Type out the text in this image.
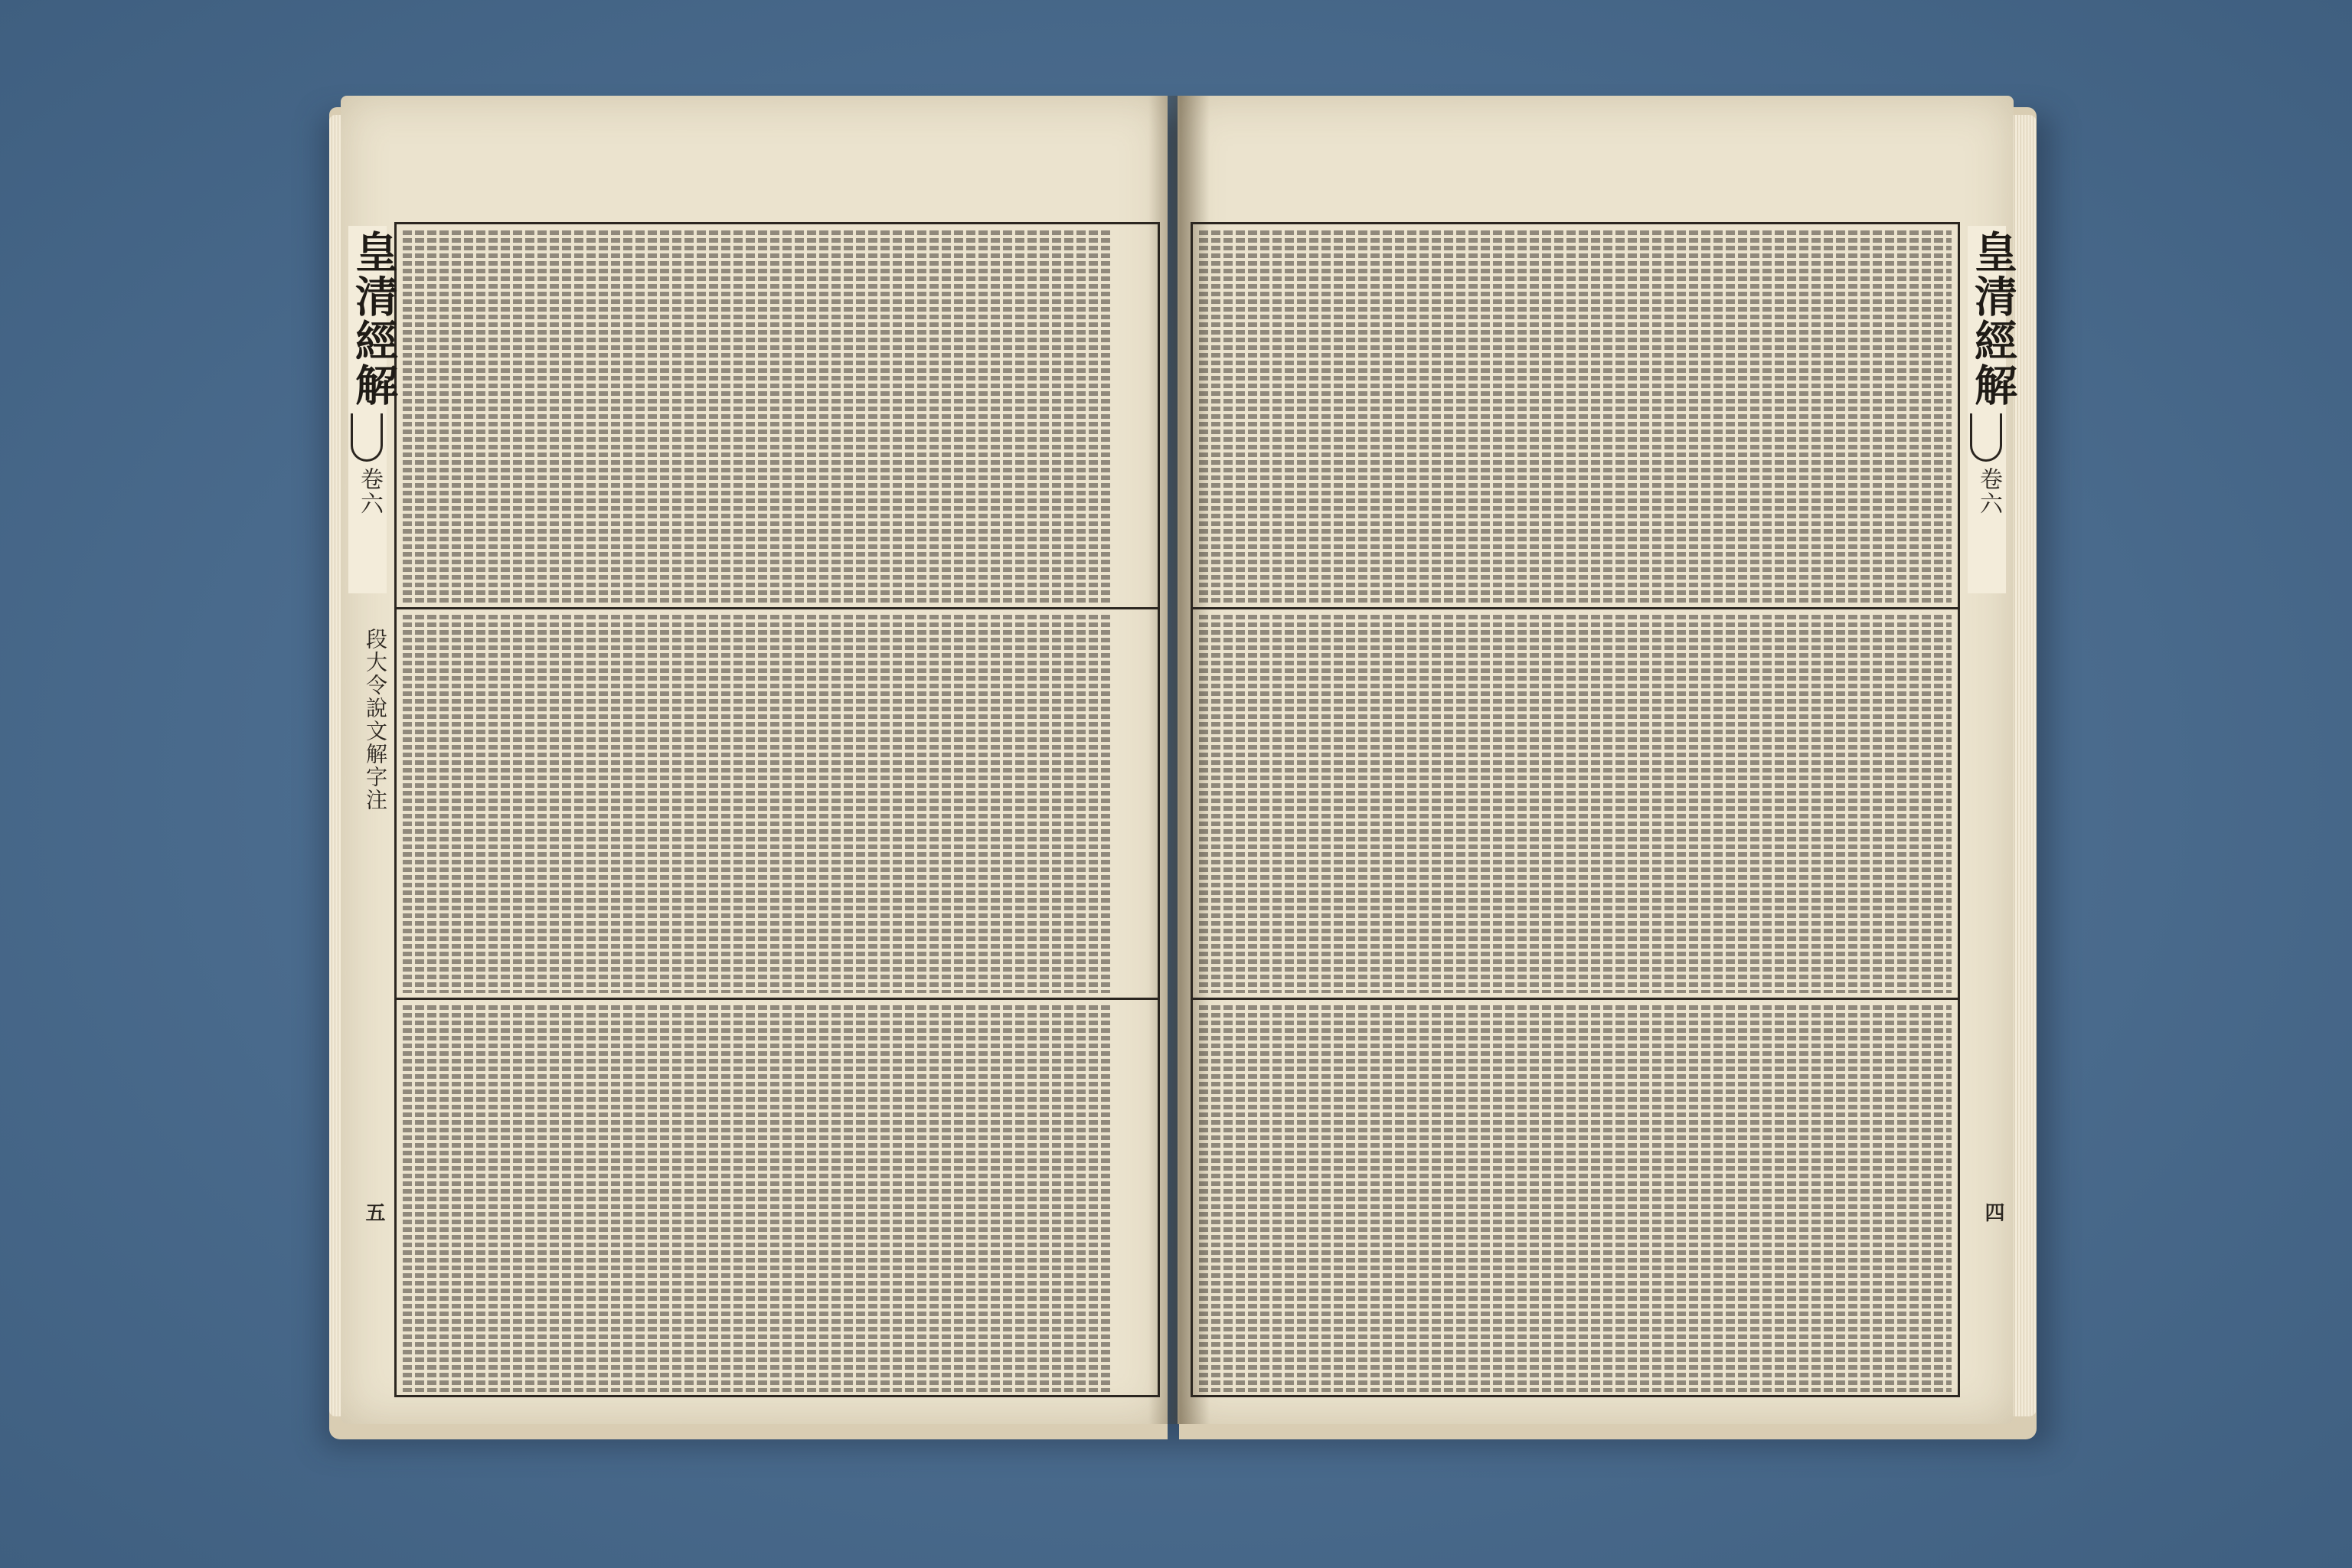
皇清經解
卷六
段大令說文解字注
五
皇清經解
卷六
四
